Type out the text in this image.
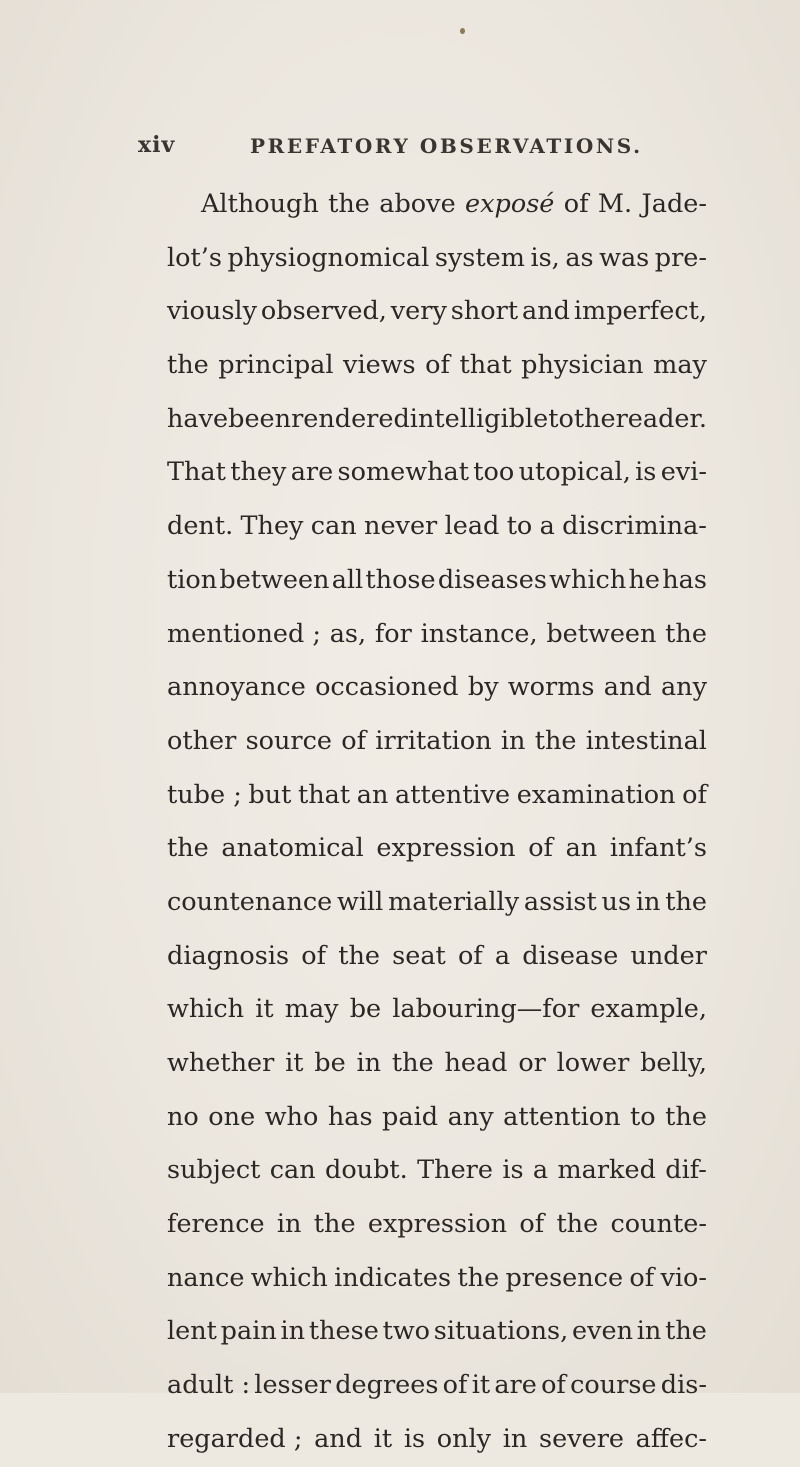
xiv	PREFATORY OBSERVATIONS.
Although the above exposé of M. Jade-
lot’s physiognomical system is, as was pre-
viously observed, very short and imperfect,
the principal views of that physician may
have been rendered intelligible to the reader.
That they are somewhat too utopical, is evi-
dent. They can never lead to a discrimina-
tion between all those diseases which he has
mentioned ; as, for instance, between the
annoyance occasioned by worms and any
other source of irritation in the intestinal
tube ; but that an attentive examination of
the anatomical expression of an infant’s
countenance will materially assist us in the
diagnosis of the seat of a disease under
which it may be labouring—for example,
whether it be in the head or lower belly,
no one who has paid any attention to the
subject can doubt. There is a marked dif-
ference in the expression of the counte-
nance which indicates the presence of vio-
lent pain in these two situations, even in the
adult : lesser degrees of it are of course dis-
regarded ; and it is only in severe affec-
